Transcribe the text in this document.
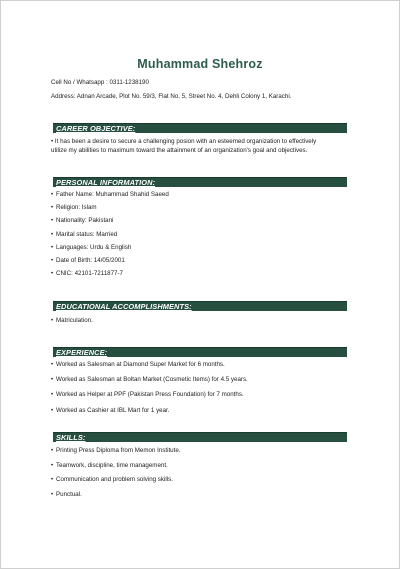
Muhammad Shehroz
Cell No / Whatsapp : 0311-1238190
Address: Adnan Arcade, Plot No. 59/3, Flat No. 5, Street No. 4, Dehli Colony 1, Karachi.
CAREER OBJECTIVE:
• It has been a desire to secure a challenging posion with an esteemed organization to effectively
utilize my abilities to maximum toward the attainment of an organization's goal and objectives.
PERSONAL INFORMATION:
• Father Name: Muhammad Shahid Saeed
• Religion: Islam
• Nationality: Pakistani
• Marital status: Married
• Languages: Urdu & English
• Date of Birth: 14/05/2001
• CNIC: 42101-7211877-7
EDUCATIONAL ACCOMPLISHMENTS:
• Matriculation.
EXPERIENCE:
• Worked as Salesman at Diamond Super Market for 6 months.
• Worked as Salesman at Boltan Market (Cosmetic Items) for 4.5 years.
• Worked as Helper at PPF (Pakistan Press Foundation) for 7 months.
• Worked as Cashier at IBL Mart for 1 year.
SKILLS:
• Printing Press Diploma from Memon Institute.
• Teamwork, discipline, time management.
• Communication and problem solving skills.
• Punctual.
